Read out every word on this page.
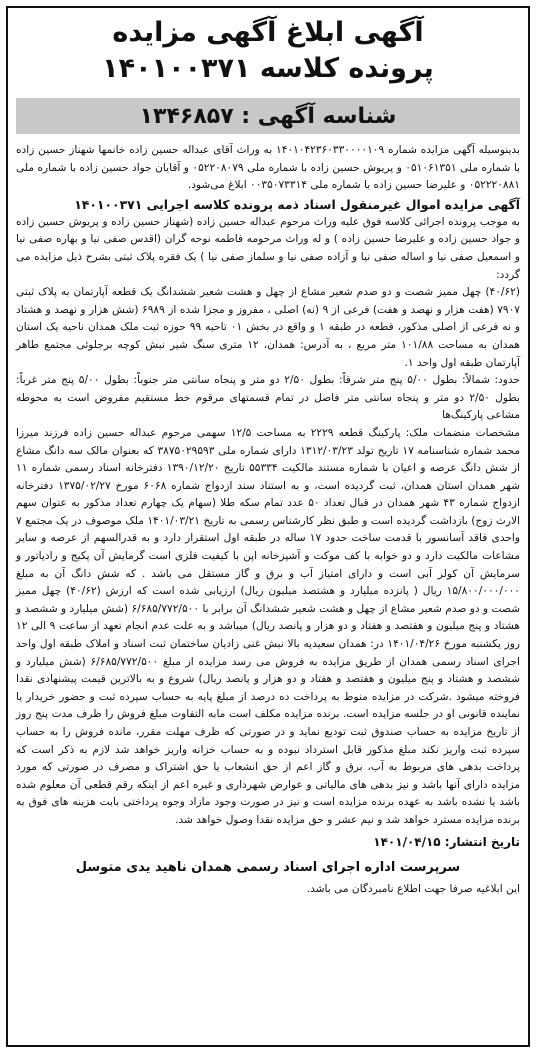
آگهی ابلاغ آگهی مزایده
پرونده کلاسه ۱۴۰۱۰۰۳۷۱
شناسه آگهی : ۱۳۴۶۸۵۷

بدینوسیله آگهی مزایده شماره ۱۴۰۱۰۴۲۳۶۰۳۳۰۰۰۰۱۰۹ به وراث آقای عبداله حسین زاده خانمها شهناز حسین زاده با شماره ملی ۰۵۱۰۶۱۳۵۱ و پریوش حسین زاده با شماره ملی ۰۵۲۲۰۸۰۷۹ و آقایان جواد حسین زاده با شماره ملی ۰۵۲۲۲۰۸۸۱ و علیرضا حسین زاده با شماره ملی ۰۰۳۵۰۷۳۳۱۴ ابلاغ می‌شود.

آگهی مزایده اموال غیرمنقول اسناد ذمه پرونده کلاسه اجرایی ۱۴۰۱۰۰۳۷۱

به موجب پرونده اجرائی کلاسه فوق علیه وراث مرحوم عبداله حسین زاده (شهناز حسین زاده و پریوش حسین زاده و جواد حسین زاده و علیرضا حسین زاده ) و له وراث مرحومه فاطمه نوحه گران (اقدس صفی نیا و بهاره صفی نیا و اسمعیل صفی نیا و اساله صفی نیا و آزاده صفی نیا و سلماز صفی نیا ) یک فقره پلاک ثبتی بشرح ذیل مزایده می گردد:

(۴۰/۶۲) چهل ممیز شصت و دو صدم شعیر مشاع از چهل و هشت شعیر ششدانگ یک قطعه آپارتمان به پلاک ثبتی ۷۹۰۷ (هفت هزار و نهصد و هفت) فرعی از ۹ (نه) اصلی ، مفروز و مجزا شده از ۶۹۸۹ (شش هزار و نهصد و هشتاد و نه فرعی از اصلی مذکور، قطعه در طبقه ۱ و واقع در بخش ۰۱ تاحیه ۹۹ حوزه ثبت ملک همدان ناحیه یک استان همدان به مساحت ۱۰۱/۸۸ متر مربع ، به آدرس: همدان، ۱۲ متری سنگ شیر نبش کوچه برجلوئی مجتمع طاهر آپارتمان طبقه اول واحد ۱.

حدود: شمالاً: بطول ۵/۰۰ پنج متر شرقاً: بطول ۲/۵۰ دو متر و پنجاه سانتی متر جنوباً: بطول ۵/۰۰ پنج متر غرباً: بطول ۲/۵۰ دو متر و پنجاه سانتی متر فاصل در تمام قسمتهای مرقوم خط مستقیم مفروض است به محوطه مشاعی پارکینگ‌ها

مشخصات منضمات ملک: پارکینگ قطعه ۲۲۲۹ به مساحت ۱۲/۵ سهمی مرحوم عبداله حسین زاده فرزند میرزا محمد شماره شناسنامه ۱۷ تاریخ تولد ۱۳۱۲/۰۳/۲۳ دارای شماره ملی ۳۸۷۵۰۲۹۵۹۳ که بعنوان مالک سه دانگ مشاع از شش دانگ عرصه و اعیان با شماره مستند مالکیت ۵۵۳۳۴ تاریخ ۱۳۹۰/۱۲/۲۰ دفترخانه اسناد رسمی شماره ۱۱ شهر همدان استان همدان، ثبت گردیده است، و به استناد سند ازدواج شماره ۶۰۶۸ مورخ ۱۳۷۵/۰۲/۲۷ دفترخانه ازدواج شماره ۴۳ شهر همدان در قبال تعداد ۵۰ عدد تمام سکه طلا (سهام یک چهارم تعداد مذکور به عنوان سهم الارث زوج) بازداشت گردیده است و طبق نظر کارشناس رسمی به تاریخ ۱۴۰۱/۰۳/۲۱ ملک موصوف در یک مجتمع ۷ واحدی فاقد آسانسور با قدمت ساخت حدود ۱۷ ساله در طبقه اول استقرار دارد و به قدرالسهم از عرصه و سایر مشاعات مالکیت دارد و دو خوابه با کف موکت و آشپزخانه اپن با کیفیت فلزی است گرمایش آن پکیج و رادیاتور و سرمایش آن کولر آبی است و دارای امتیاز آب و برق و گاز مستقل می باشد . که شش دانگ آن به مبلغ ۱۵/۸۰۰/۰۰۰/۰۰۰ ریال ( پانزده میلیارد و هشتصد میلیون ریال) ارزیابی شده است که ارزش (۴۰/۶۲) چهل ممیز شصت و دو صدم شعیر مشاع از چهل و هشت شعیر ششدانگ آن برابر با ۶/۶۸۵/۷۷۲/۵۰۰ (شش میلیارد و ششصد و هشتاد و پنج میلیون و هفتصد و هفتاد و دو هزار و پانصد ریال) میباشد و به علت عدم انجام تعهد از ساعت ۹ الی ۱۲ روز یکشنبه مورخ ۱۴۰۱/۰۴/۲۶ در: همدان سعیدیه بالا نبش غنی زادیان ساختمان ثبت اسناد و املاک طبقه اول واحد اجرای اسناد رسمی همدان از طریق مزایده به فروش می رسد مزایده از مبلغ ۶/۶۸۵/۷۷۲/۵۰۰ (شش میلیارد و ششصد و هشتاد و پنج میلیون و هفتصد و هفتاد و دو هزار و پانصد ریال) شروع و به بالاترین قیمت پیشنهادی نقدا فروخته میشود .شرکت در مزایده منوط به پرداخت ده درصد از مبلغ پایه به حساب سپرده ثبت و حضور خریدار یا نماینده قانونی او در جلسه مزایده است. برنده مزایده مکلف است مابه التفاوت مبلغ فروش را ظرف مدت پنج روز از تاریخ مزایده به حساب صندوق ثبت تودیع نماید و در صورتی که ظرف مهلت مقرر، مانده فروش را به حساب سپرده ثبت واریز نکند مبلغ مذکور قابل استرداد نبوده و به حساب خزانه واریز خواهد شد لازم به ذکر است که پرداخت بدهی های مربوط به آب، برق و گاز اعم از حق انشعاب یا حق اشتراک و مصرف در صورتی که مورد مزایده دارای آنها باشد و نیز بدهی های مالیاتی و عوارض شهرداری و غیره اعم از اینکه رقم قطعی آن معلوم شده باشد یا نشده باشد به عهده برنده مزایده است و نیز در صورت وجود مازاد وجوه پرداختی بابت هزینه های فوق به برنده مزایده مسترد خواهد شد و نیم عشر و حق مزایده نقدا وصول خواهد شد.

تاریخ انتشار: ۱۴۰۱/۰۴/۱۵
سرپرست اداره اجرای اسناد رسمی همدان ناهید یدی متوسل
این ابلاغیه صرفا جهت اطلاع نامبردگان می باشد.
